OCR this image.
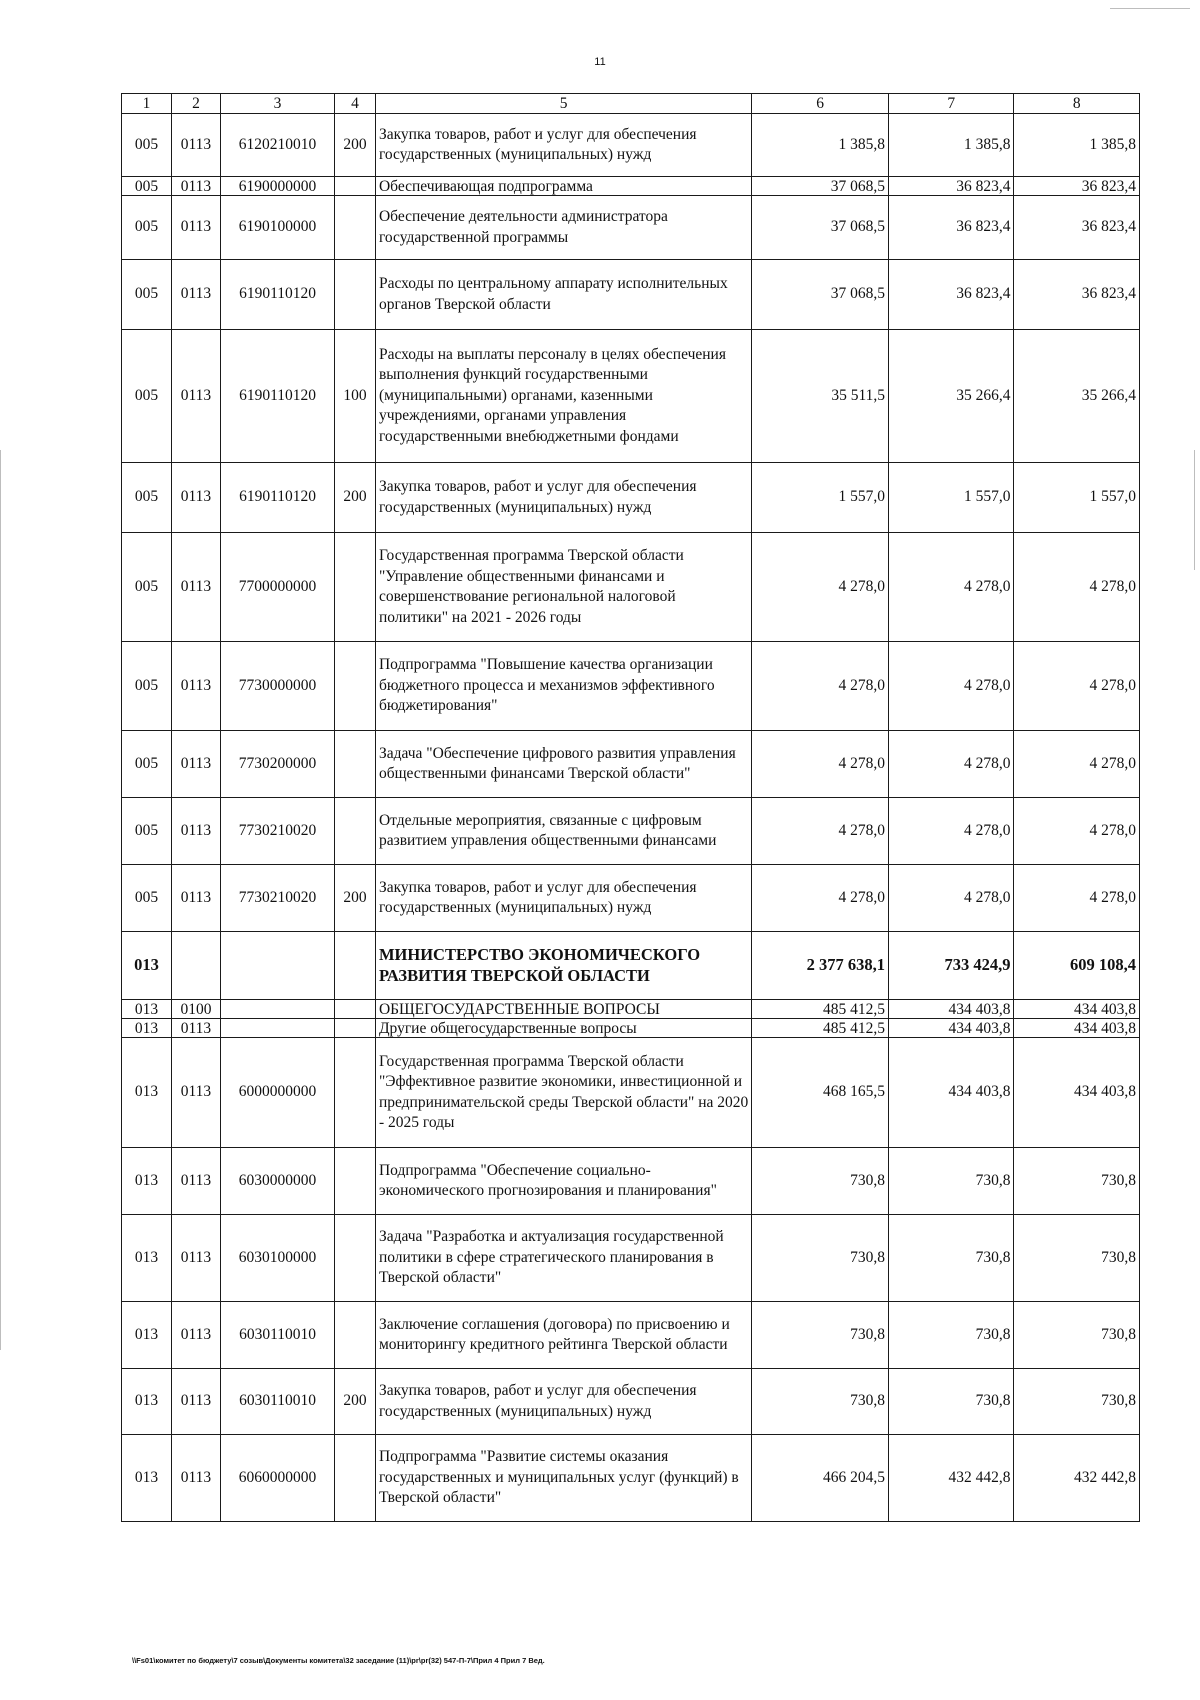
11
1	2	3	4	5	6	7	8
005	0113	6120210010	200	Закупка товаров, работ и услуг для обеспечения государственных (муниципальных) нужд	1 385,8	1 385,8	1 385,8
005	0113	6190000000		Обеспечивающая подпрограмма	37 068,5	36 823,4	36 823,4
005	0113	6190100000		Обеспечение деятельности администратора государственной программы	37 068,5	36 823,4	36 823,4
005	0113	6190110120		Расходы по центральному аппарату исполнительных органов Тверской области	37 068,5	36 823,4	36 823,4
005	0113	6190110120	100	Расходы на выплаты персоналу в целях обеспечения выполнения функций государственными (муниципальными) органами, казенными учреждениями, органами управления государственными внебюджетными фондами	35 511,5	35 266,4	35 266,4
005	0113	6190110120	200	Закупка товаров, работ и услуг для обеспечения государственных (муниципальных) нужд	1 557,0	1 557,0	1 557,0
005	0113	7700000000		Государственная программа Тверской области "Управление общественными финансами и совершенствование региональной налоговой политики" на 2021 - 2026 годы	4 278,0	4 278,0	4 278,0
005	0113	7730000000		Подпрограмма "Повышение качества организации бюджетного процесса и механизмов эффективного бюджетирования"	4 278,0	4 278,0	4 278,0
005	0113	7730200000		Задача "Обеспечение цифрового развития управления общественными финансами Тверской области"	4 278,0	4 278,0	4 278,0
005	0113	7730210020		Отдельные мероприятия, связанные с цифровым развитием управления общественными финансами	4 278,0	4 278,0	4 278,0
005	0113	7730210020	200	Закупка товаров, работ и услуг для обеспечения государственных (муниципальных) нужд	4 278,0	4 278,0	4 278,0
013				МИНИСТЕРСТВО ЭКОНОМИЧЕСКОГО РАЗВИТИЯ ТВЕРСКОЙ ОБЛАСТИ	2 377 638,1	733 424,9	609 108,4
013	0100			ОБЩЕГОСУДАРСТВЕННЫЕ ВОПРОСЫ	485 412,5	434 403,8	434 403,8
013	0113			Другие общегосударственные вопросы	485 412,5	434 403,8	434 403,8
013	0113	6000000000		Государственная программа Тверской области "Эффективное развитие экономики, инвестиционной и предпринимательской среды Тверской области" на 2020 - 2025 годы	468 165,5	434 403,8	434 403,8
013	0113	6030000000		Подпрограмма "Обеспечение социально-экономического прогнозирования и планирования"	730,8	730,8	730,8
013	0113	6030100000		Задача "Разработка и актуализация государственной политики в сфере стратегического планирования в Тверской области"	730,8	730,8	730,8
013	0113	6030110010		Заключение соглашения (договора) по присвоению и мониторингу кредитного рейтинга Тверской области	730,8	730,8	730,8
013	0113	6030110010	200	Закупка товаров, работ и услуг для обеспечения государственных (муниципальных) нужд	730,8	730,8	730,8
013	0113	6060000000		Подпрограмма "Развитие системы оказания государственных и муниципальных услуг (функций) в Тверской области"	466 204,5	432 442,8	432 442,8
\\Fs01\комитет по бюджету\7 созыв\Документы комитета\32 заседание (11)\pr\pr(32) 547-П-7\Прил 4 Прил 7 Вед.
